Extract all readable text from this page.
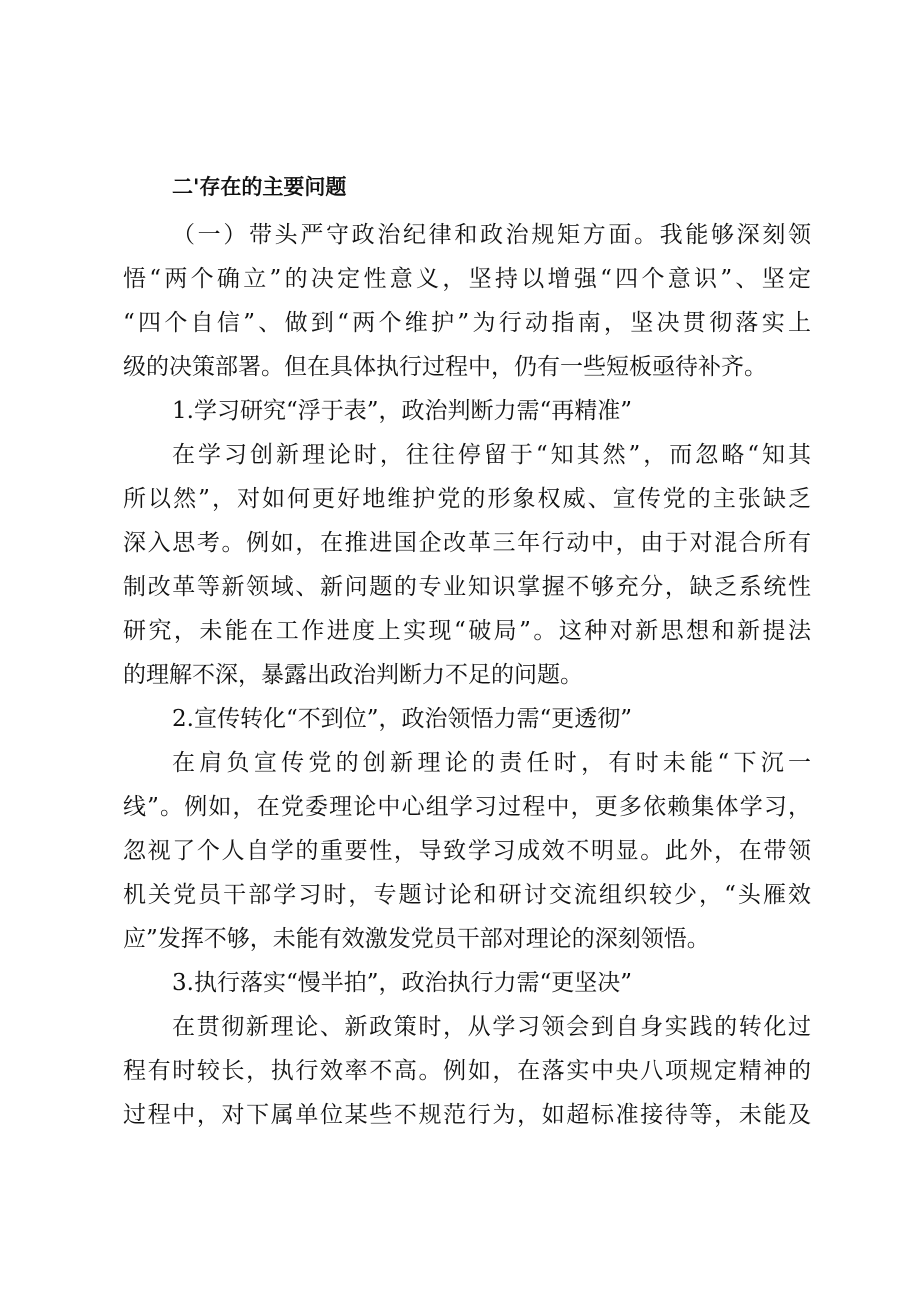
二'存在的主要问题
（一）带头严守政治纪律和政治规矩方面。我能够深刻领
悟“两个确立”的决定性意义，坚持以增强“四个意识”、坚定
“四个自信”、做到“两个维护”为行动指南，坚决贯彻落实上
级的决策部署。但在具体执行过程中，仍有一些短板亟待补齐。
1.学习研究“浮于表”，政治判断力需“再精准”
在学习创新理论时，往往停留于“知其然”，而忽略“知其
所以然”，对如何更好地维护党的形象权威、宣传党的主张缺乏
深入思考。例如，在推进国企改革三年行动中，由于对混合所有
制改革等新领域、新问题的专业知识掌握不够充分，缺乏系统性
研究，未能在工作进度上实现“破局”。这种对新思想和新提法
的理解不深，暴露出政治判断力不足的问题。
2.宣传转化“不到位”，政治领悟力需“更透彻”
在肩负宣传党的创新理论的责任时，有时未能“下沉一
线”。例如，在党委理论中心组学习过程中，更多依赖集体学习，
忽视了个人自学的重要性，导致学习成效不明显。此外，在带领
机关党员干部学习时，专题讨论和研讨交流组织较少，“头雁效
应”发挥不够，未能有效激发党员干部对理论的深刻领悟。
3.执行落实“慢半拍”，政治执行力需“更坚决”
在贯彻新理论、新政策时，从学习领会到自身实践的转化过
程有时较长，执行效率不高。例如，在落实中央八项规定精神的
过程中，对下属单位某些不规范行为，如超标准接待等，未能及
